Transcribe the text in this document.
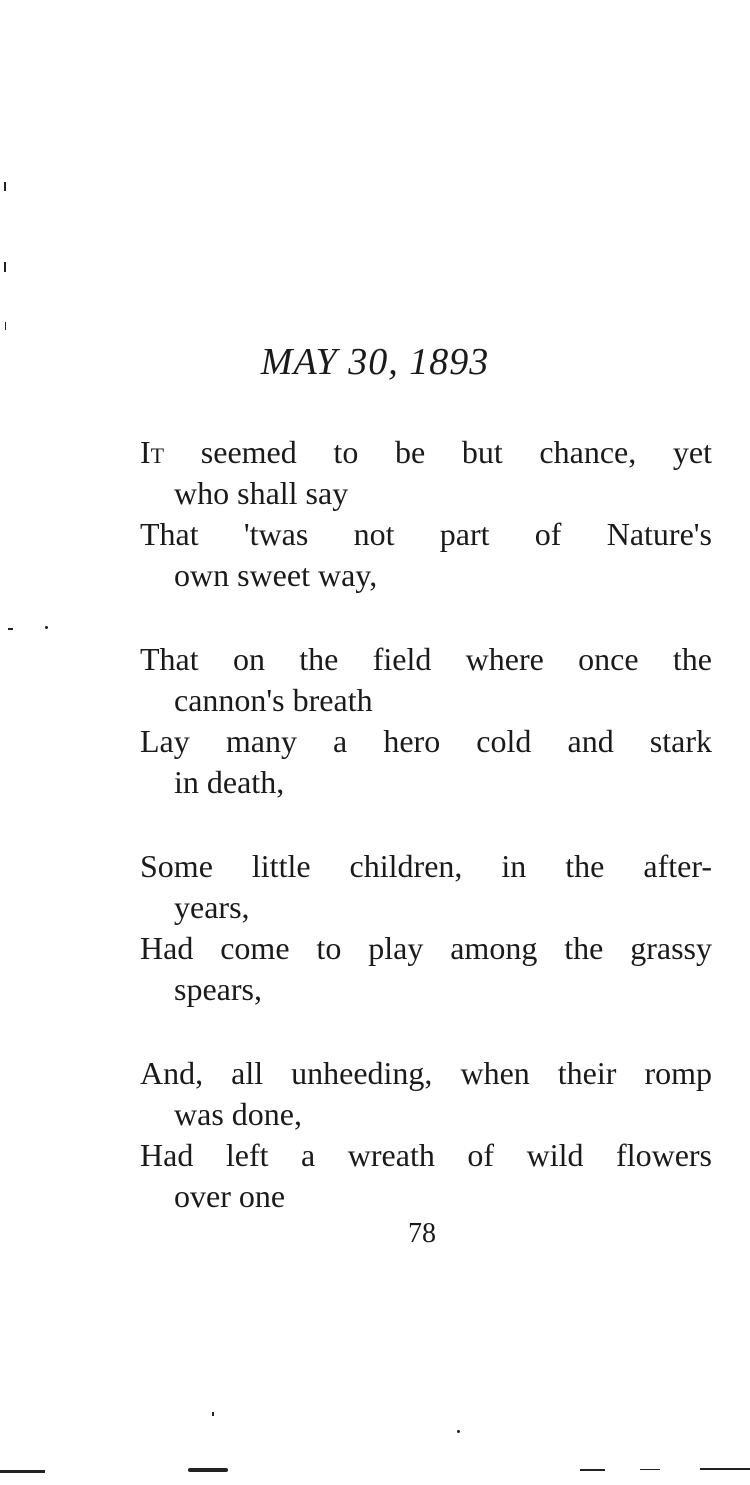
MAY 30, 1893

It seemed to be but chance, yet

who shall say

That 'twas not part of Nature's

own sweet way,

That on the field where once the

cannon's breath

Lay many a hero cold and stark

in death,

Some little children, in the after-

years,

Had come to play among the grassy

spears,

And, all unheeding, when their romp

was done,

Had left a wreath of wild flowers

over one

78
